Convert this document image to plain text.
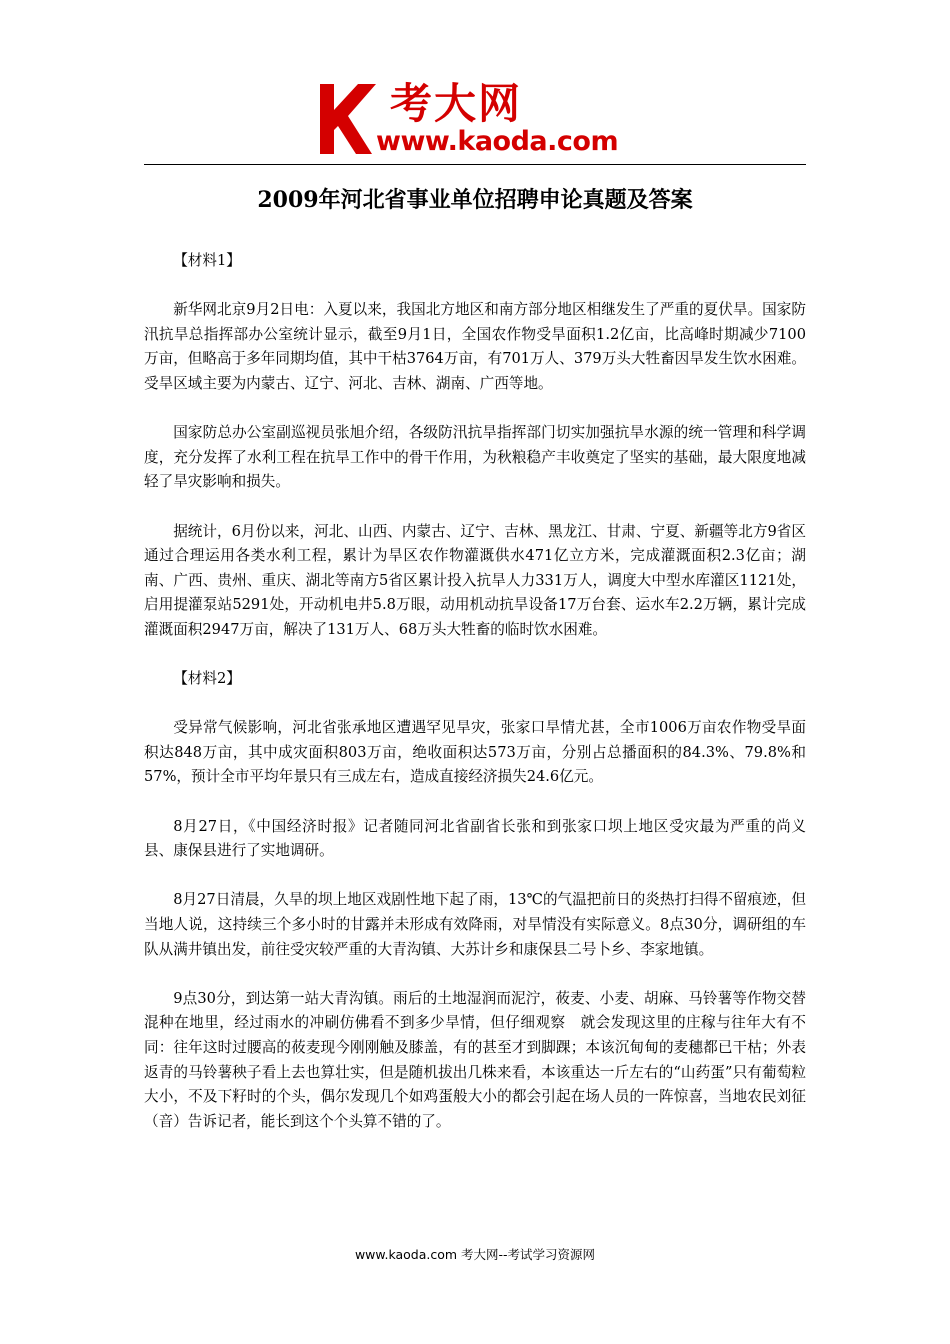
考大网
www.kaoda.com
2009年河北省事业单位招聘申论真题及答案

【材料1】

新华网北京9月2日电：入夏以来，我国北方地区和南方部分地区相继发生了严重的夏伏旱。国家防汛抗旱总指挥部办公室统计显示，截至9月1日，全国农作物受旱面积1.2亿亩，比高峰时期减少7100万亩，但略高于多年同期均值，其中干枯3764万亩，有701万人、379万头大牲畜因旱发生饮水困难。受旱区域主要为内蒙古、辽宁、河北、吉林、湖南、广西等地。

国家防总办公室副巡视员张旭介绍，各级防汛抗旱指挥部门切实加强抗旱水源的统一管理和科学调度，充分发挥了水利工程在抗旱工作中的骨干作用，为秋粮稳产丰收奠定了坚实的基础，最大限度地减轻了旱灾影响和损失。

据统计，6月份以来，河北、山西、内蒙古、辽宁、吉林、黑龙江、甘肃、宁夏、新疆等北方9省区通过合理运用各类水利工程，累计为旱区农作物灌溉供水471亿立方米，完成灌溉面积2.3亿亩；湖南、广西、贵州、重庆、湖北等南方5省区累计投入抗旱人力331万人，调度大中型水库灌区1121处，启用提灌泵站5291处，开动机电井5.8万眼，动用机动抗旱设备17万台套、运水车2.2万辆，累计完成灌溉面积2947万亩，解决了131万人、68万头大牲畜的临时饮水困难。

【材料2】

受异常气候影响，河北省张承地区遭遇罕见旱灾，张家口旱情尤甚，全市1006万亩农作物受旱面积达848万亩，其中成灾面积803万亩，绝收面积达573万亩，分别占总播面积的84.3%、79.8%和57%，预计全市平均年景只有三成左右，造成直接经济损失24.6亿元。

8月27日，《中国经济时报》记者随同河北省副省长张和到张家口坝上地区受灾最为严重的尚义县、康保县进行了实地调研。

8月27日清晨，久旱的坝上地区戏剧性地下起了雨，13℃的气温把前日的炎热打扫得不留痕迹，但当地人说，这持续三个多小时的甘露并未形成有效降雨，对旱情没有实际意义。8点30分，调研组的车队从满井镇出发，前往受灾较严重的大青沟镇、大苏计乡和康保县二号卜乡、李家地镇。

9点30分，到达第一站大青沟镇。雨后的土地湿润而泥泞，莜麦、小麦、胡麻、马铃薯等作物交替混种在地里，经过雨水的冲刷仿佛看不到多少旱情，但仔细观察　就会发现这里的庄稼与往年大有不同：往年这时过腰高的莜麦现今刚刚触及膝盖，有的甚至才到脚踝；本该沉甸甸的麦穗都已干枯；外表返青的马铃薯秧子看上去也算壮实，但是随机拔出几株来看，本该重达一斤左右的“山药蛋”只有葡萄粒大小，不及下籽时的个头，偶尔发现几个如鸡蛋般大小的都会引起在场人员的一阵惊喜，当地农民刘征（音）告诉记者，能长到这个个头算不错的了。

www.kaoda.com 考大网--考试学习资源网
